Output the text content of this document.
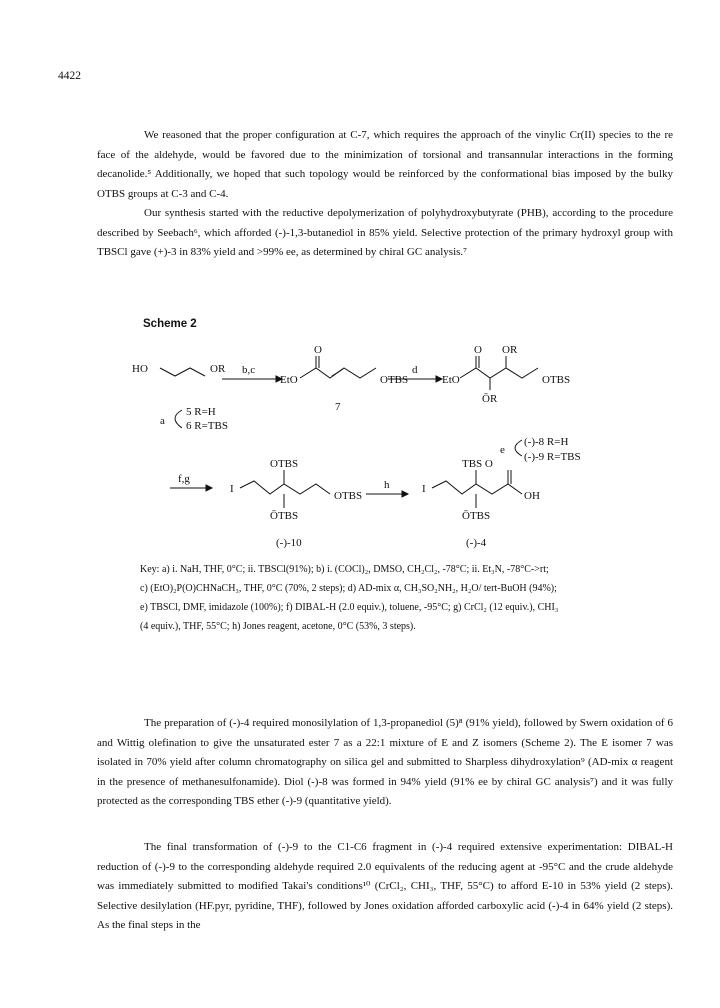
4422

We reasoned that the proper configuration at C-7, which requires the approach of the vinylic Cr(II) species to the re face of the aldehyde, would be favored due to the minimization of torsional and transannular interactions in the forming decanolide.⁵ Additionally, we hoped that such topology would be reinforced by the conformational bias imposed by the bulky OTBS groups at C-3 and C-4.

Our synthesis started with the reductive depolymerization of polyhydroxybutyrate (PHB), according to the procedure described by Seebach⁶, which afforded (-)-1,3-butanediol in 85% yield. Selective protection of the primary hydroxyl group with TBSCl gave (+)-3 in 83% yield and >99% ee, as determined by chiral GC analysis.⁷

Scheme 2
HO	OR b,c
O
EtO	OTBS
7
d
O OR
EtO
ŌR
OTBS
a
5 R=H
6 R=TBS
e
(-)-8 R=H
(-)-9 R=TBS
f,g
I
OTBS
OTBS
ŌTBS
(-)-10
h	I
TBS O
OH
ŌTBS
(-)-4
Key: a) i. NaH, THF, 0°C; ii. TBSCl(91%); b) i. (COCl)₂, DMSO, CH₂Cl₂, -78°C; ii. Et₃N, -78°C->rt;
c) (EtO)₂P(O)CHNaCH₃, THF, 0°C (70%, 2 steps); d) AD-mix α, CH₃SO₂NH₂, H₂O/ tert-BuOH (94%);
e) TBSCl, DMF, imidazole (100%); f) DIBAL-H (2.0 equiv.), toluene, -95°C; g) CrCl₂ (12 equiv.), CHI₃
(4 equiv.), THF, 55°C; h) Jones reagent, acetone, 0°C (53%, 3 steps).

The preparation of (-)-4 required monosilylation of 1,3-propanediol (5)⁸ (91% yield), followed by Swern oxidation of 6 and Wittig olefination to give the unsaturated ester 7 as a 22:1 mixture of E and Z isomers (Scheme 2). The E isomer 7 was isolated in 70% yield after column chromatography on silica gel and submitted to Sharpless dihydroxylation⁹ (AD-mix α reagent in the presence of methanesulfonamide). Diol (-)-8 was formed in 94% yield (91% ee by chiral GC analysis⁷) and it was fully protected as the corresponding TBS ether (-)-9 (quantitative yield).

The final transformation of (-)-9 to the C1-C6 fragment in (-)-4 required extensive experimentation: DIBAL-H reduction of (-)-9 to the corresponding aldehyde required 2.0 equivalents of the reducing agent at -95°C and the crude aldehyde was immediately submitted to modified Takai's conditions¹⁰ (CrCl₂, CHI₃, THF, 55°C) to afford E-10 in 53% yield (2 steps). Selective desilylation (HF.pyr, pyridine, THF), followed by Jones oxidation afforded carboxylic acid (-)-4 in 64% yield (2 steps). As the final steps in the
